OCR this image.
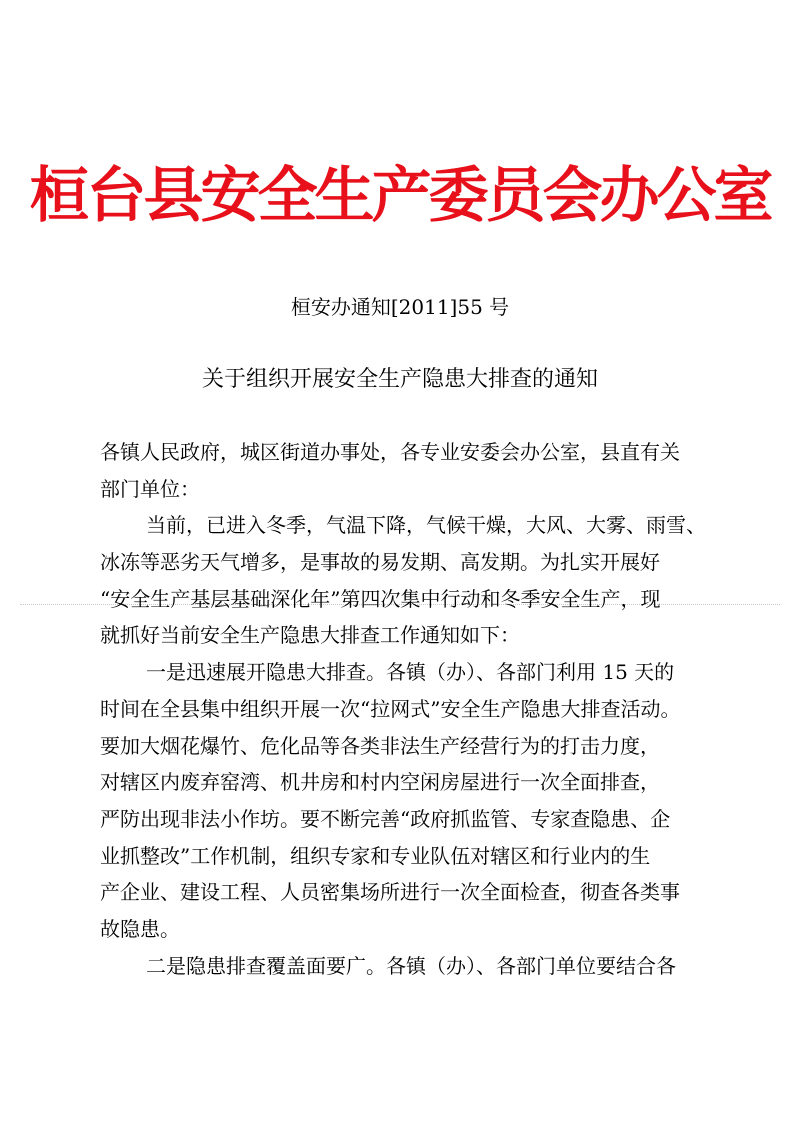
桓台县安全生产委员会办公室
桓安办通知[2011]55 号
关于组织开展安全生产隐患大排查的通知
各镇人民政府，城区街道办事处，各专业安委会办公室，县直有关
部门单位：
当前，已进入冬季，气温下降，气候干燥，大风、大雾、雨雪、
冰冻等恶劣天气增多，是事故的易发期、高发期。为扎实开展好
“安全生产基层基础深化年”第四次集中行动和冬季安全生产，现
就抓好当前安全生产隐患大排查工作通知如下：
一是迅速展开隐患大排查。各镇（办）、各部门利用 15 天的
时间在全县集中组织开展一次“拉网式”安全生产隐患大排查活动。
要加大烟花爆竹、危化品等各类非法生产经营行为的打击力度，
对辖区内废弃窑湾、机井房和村内空闲房屋进行一次全面排查，
严防出现非法小作坊。要不断完善“政府抓监管、专家查隐患、企
业抓整改”工作机制，组织专家和专业队伍对辖区和行业内的生
产企业、建设工程、人员密集场所进行一次全面检查，彻查各类事
故隐患。
二是隐患排查覆盖面要广。各镇（办）、各部门单位要结合各
